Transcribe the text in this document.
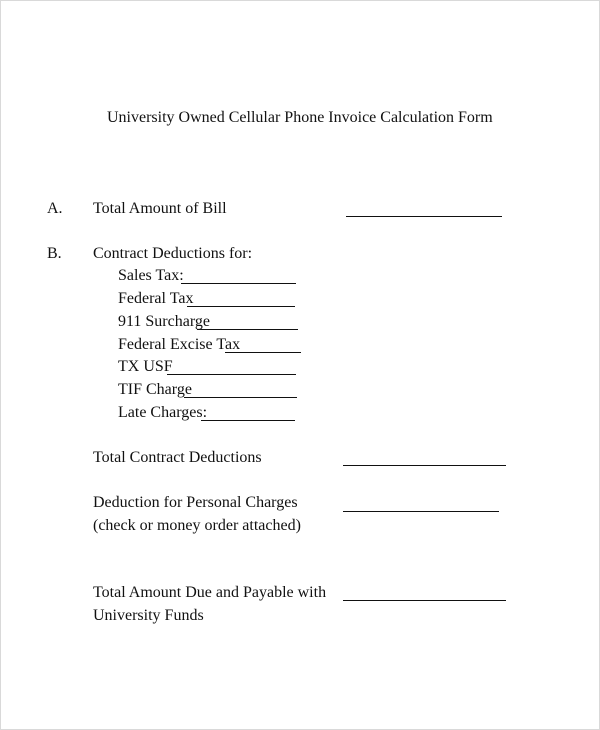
University Owned Cellular Phone Invoice Calculation Form
A. Total Amount of Bill
B. Contract Deductions for:
Sales Tax:
Federal Tax
911 Surcharge
Federal Excise Tax
TX USF
TIF Charge
Late Charges:
Total Contract Deductions
Deduction for Personal Charges
(check or money order attached)
Total Amount Due and Payable with
University Funds
